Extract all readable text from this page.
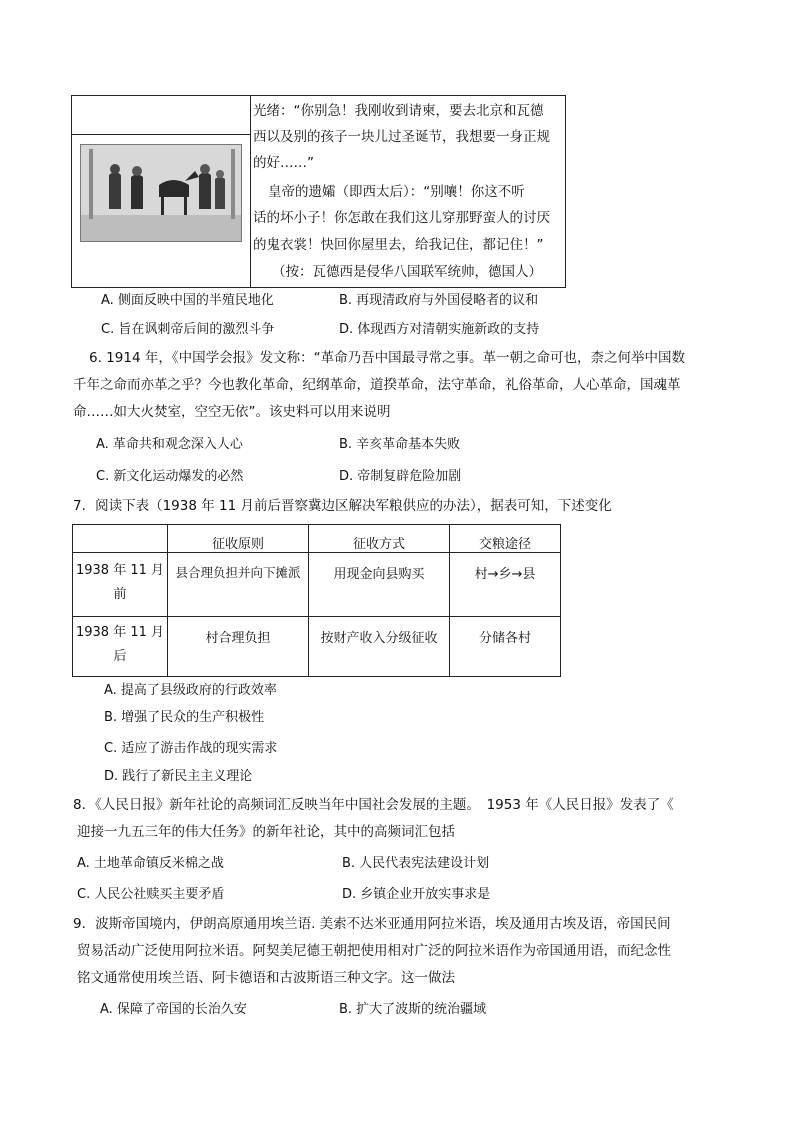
光绪：“你别急！我刚收到请柬，要去北京和瓦德
西以及别的孩子一块儿过圣诞节，我想要一身正规
的好……”
皇帝的遗孀（即西太后）：“别嚷！你这不听
话的坏小子！你怎敢在我们这儿穿那野蛮人的讨厌
的鬼衣裳！快回你屋里去，给我记住，都记住！”
（按：瓦德西是侵华八国联军统帅，德国人）
A. 侧面反映中国的半殖民地化	B. 再现清政府与外国侵略者的议和
C. 旨在讽刺帝后间的激烈斗争	D. 体现西方对清朝实施新政的支持
6. 1914 年，《中国学会报》发文称：“革命乃吾中国最寻常之事。革一朝之命可也，柰之何举中国数
千年之命而亦革之乎？今也教化革命，纪纲革命，道揆革命，法守革命，礼俗革命，人心革命，国魂革
命……如大火焚室，空空无依”。该史料可以用来说明
A. 革命共和观念深入人心	B. 辛亥革命基本失败
C. 新文化运动爆发的必然	D. 帝制复辟危险加剧
7．阅读下表（1938 年 11 月前后晋察冀边区解决军粮供应的办法），据表可知，下述变化
	征收原则	征收方式	交粮途径

1938 年 11 月
前	县合理负担并向下摊派	用现金向县购买	村→乡→县

1938 年 11 月
后	村合理负担	按财产收入分级征收	分储各村
A. 提高了县级政府的行政效率
B. 增强了民众的生产积极性
C. 适应了游击作战的现实需求
D. 践行了新民主主义理论
8．《人民日报》新年社论的高频词汇反映当年中国社会发展的主题。　1953 年《人民日报》发表了《
迎接一九五三年的伟大任务》的新年社论，其中的高频词汇包括
A. 土地革命镇反米棉之战	B. 人民代表宪法建设计划
C. 人民公社赎买主要矛盾	D. 乡镇企业开放实事求是
9．波斯帝国境内，伊朗高原通用埃兰语. 美索不达米亚通用阿拉米语，埃及通用古埃及语，帝国民间
贸易活动广泛使用阿拉米语。阿契美尼德王朝把使用相对广泛的阿拉米语作为帝国通用语，而纪念性
铭文通常使用埃兰语、阿卡德语和古波斯语三种文字。这一做法
A. 保障了帝国的长治久安	B. 扩大了波斯的统治疆域
